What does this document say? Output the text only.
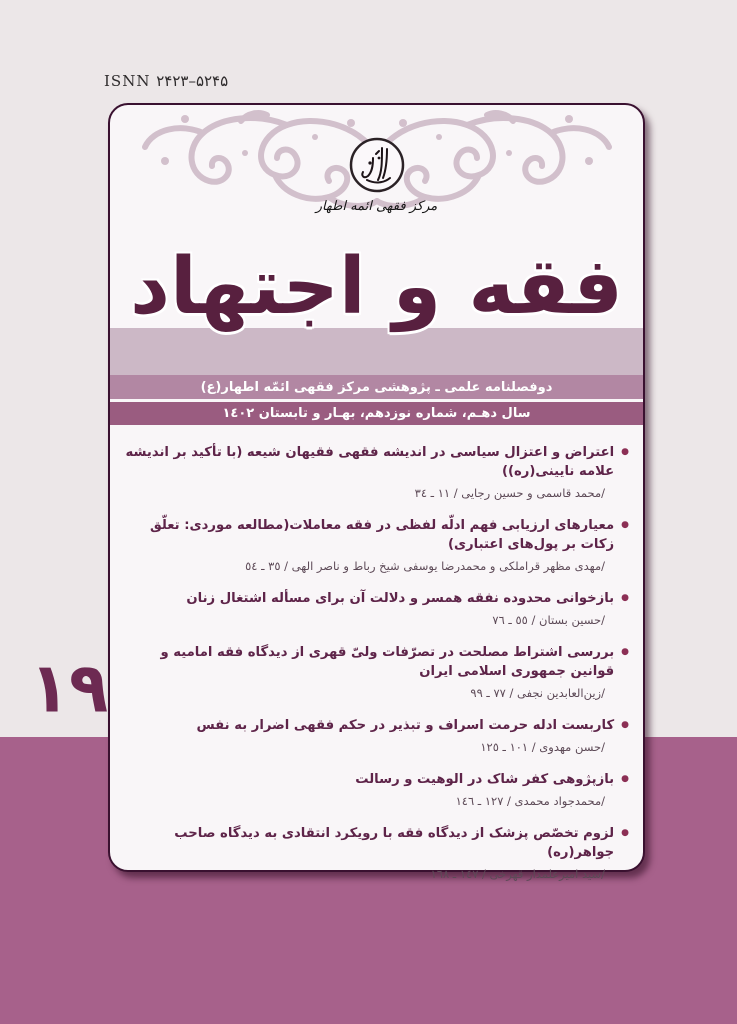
ISNN ۲۴۲۳–۵۲۴۵
۱۹
مرکز فقهی ائمه اطهار
فقه و اجتهاد
دوفصلنامه علمی ـ پژوهشی مرکز فقهی ائمّه اطهار(ع)
سال دهـم، شماره نوزدهم، بهـار و تابستان ١٤٠٢
●
اعتراض و اعتزال سیاسی در اندیشه فقهی فقیهان شیعه (با تأکید بر اندیشه علامه نایینی(ره))
/محمد قاسمی و حسین رجایی / ١١ ـ ٣٤
●
معیارهای ارزیابی فهم ادلّه لفظی در فقه معاملات(مطالعه موردی: تعلّق زکات بر پول‌های اعتباری)
/مهدی مظهر قراملکی و محمدرضا یوسفی شیخ رباط و ناصر الهی / ٣٥ ـ ٥٤
●
بازخوانی محدوده نفقه همسر و دلالت آن برای مسأله اشتغال زنان
/حسین بستان / ٥٥ ـ ٧٦
●
بررسی اشتراط مصلحت در تصرّفات ولیّ قهری از دیدگاه فقه امامیه و قوانین جمهوری اسلامی ایران
/زین‌العابدین نجفی / ٧٧ ـ ٩٩
●
کاربست ادله حرمت اسراف و تبذیر در حکم فقهی اضرار به نفس
/حسن مهدوی / ١٠١ ـ ١٢٥
●
بازپژوهی کفر شاک در الوهیت و رسالت
/محمدجواد محمدی / ١٢٧ ـ ١٤٦
●
لزوم تخصّص پزشک از دیدگاه فقه با رویکرد انتقادی به دیدگاه صاحب جواهر(ره)
/سید امیرعلمدار قهرخی / ١٤٧ ـ ١٦٨
